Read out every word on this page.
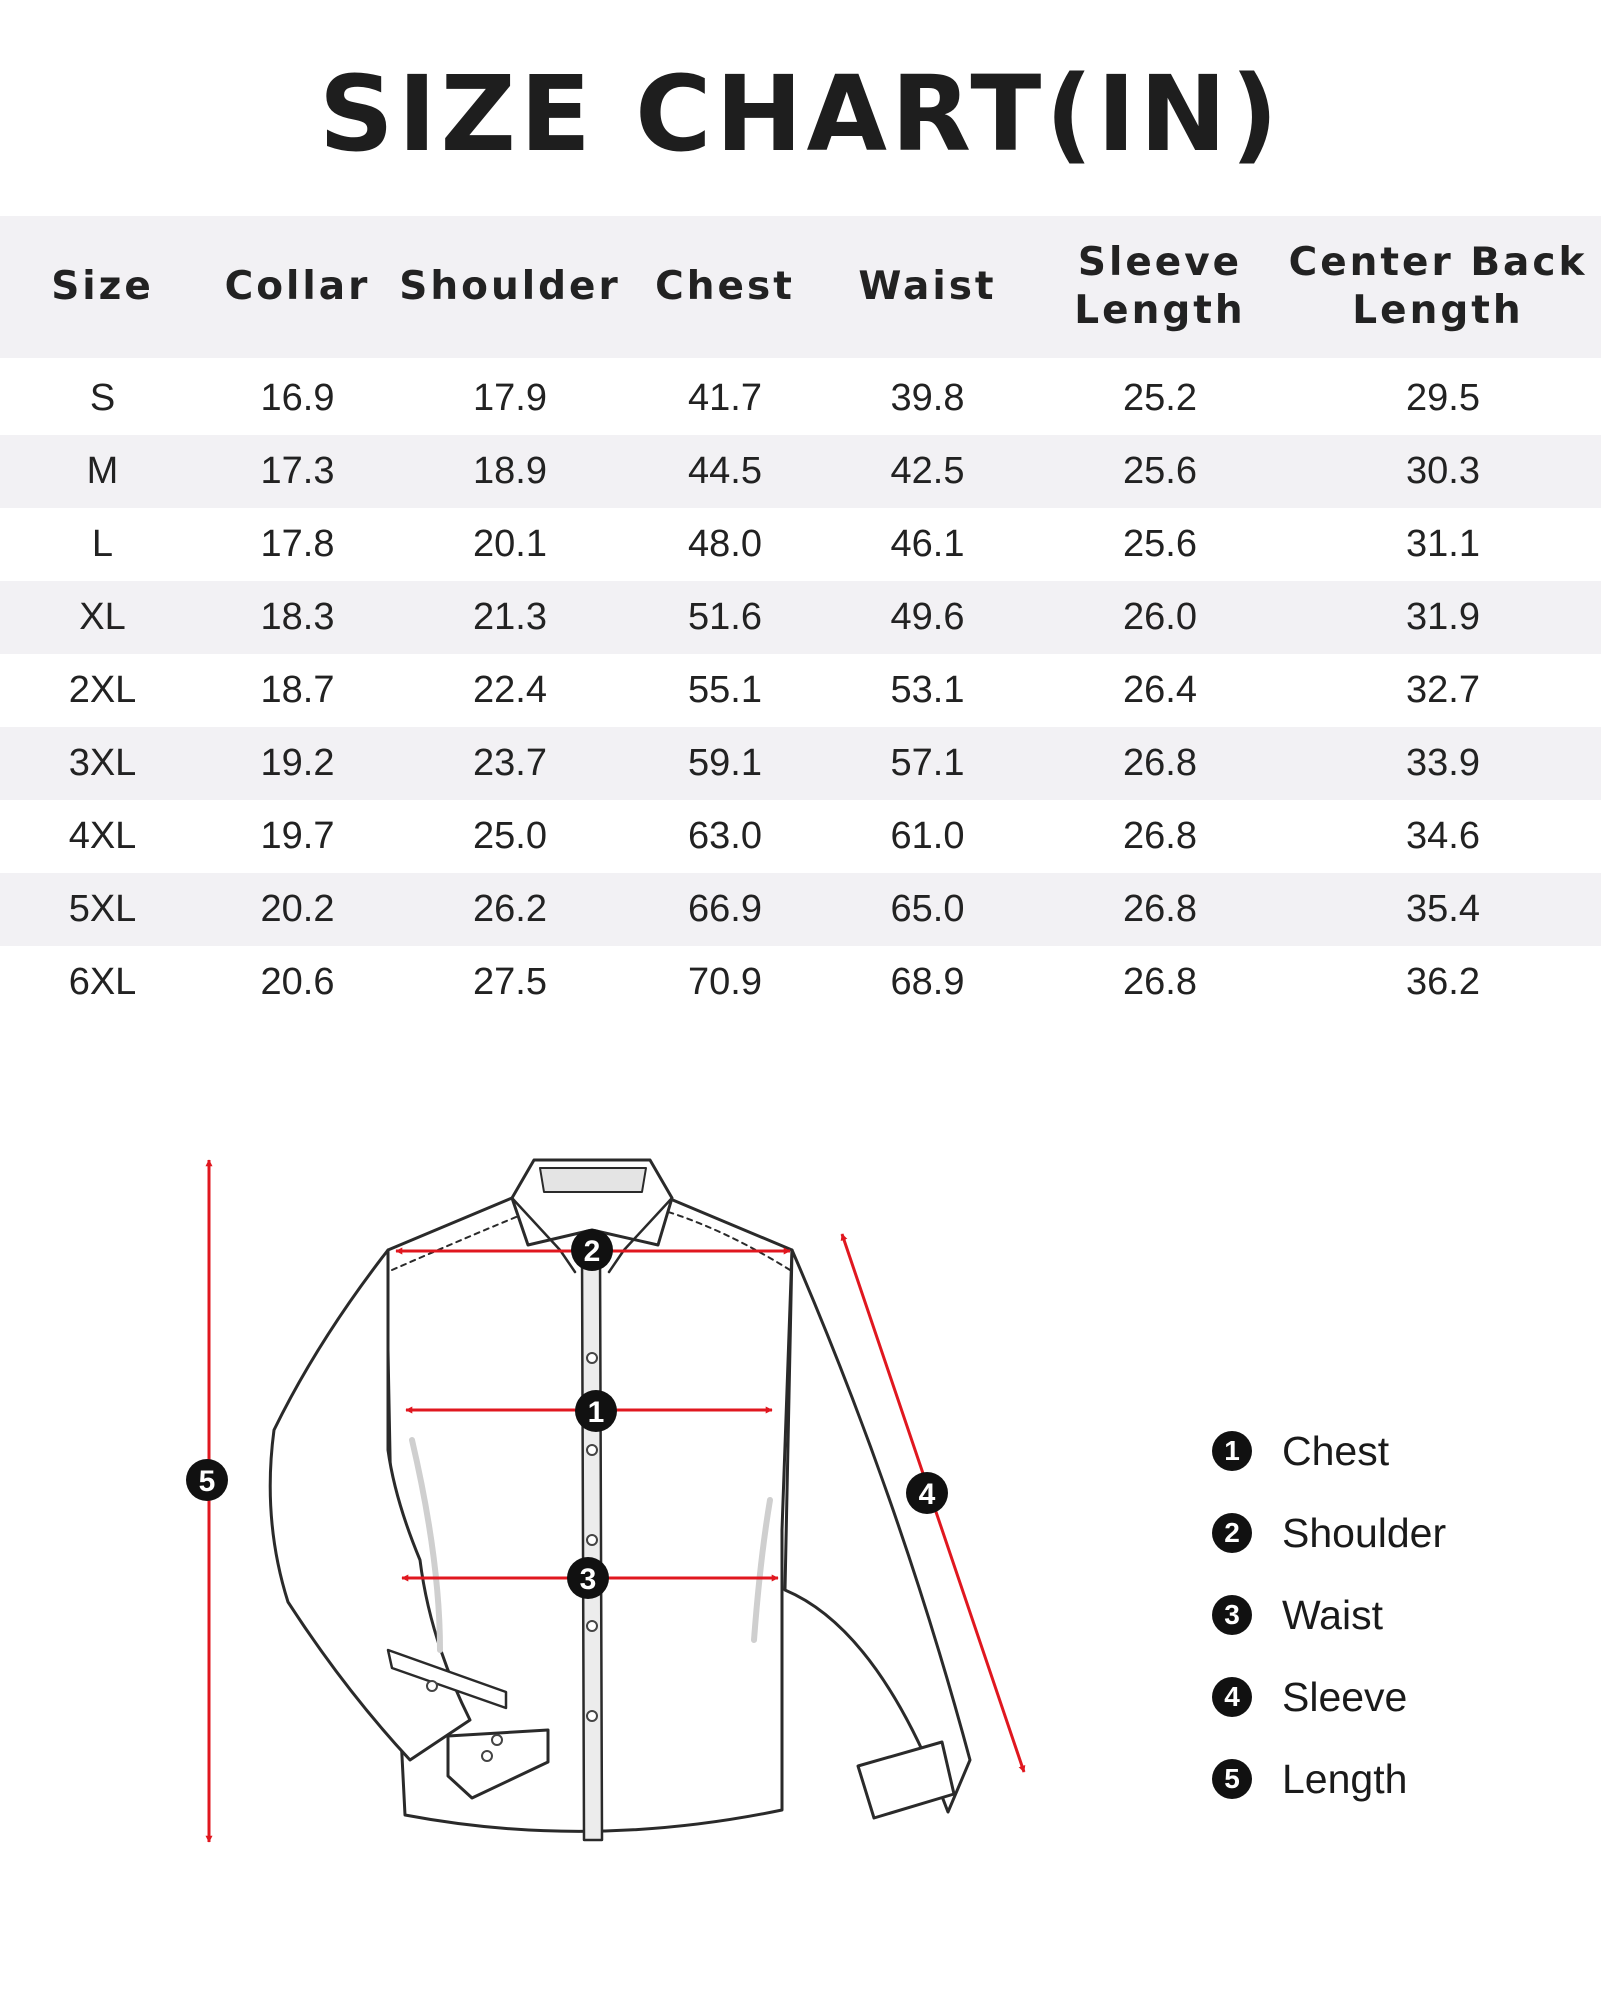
SIZE CHART(IN)
Size	Collar	Shoulder	Chest	Waist	Sleeve Length	Center Back Length
S	16.9	17.9	41.7	39.8	25.2	29.5
M	17.3	18.9	44.5	42.5	25.6	30.3
L	17.8	20.1	48.0	46.1	25.6	31.1
XL	18.3	21.3	51.6	49.6	26.0	31.9
2XL	18.7	22.4	55.1	53.1	26.4	32.7
3XL	19.2	23.7	59.1	57.1	26.8	33.9
4XL	19.7	25.0	63.0	61.0	26.8	34.6
5XL	20.2	26.2	66.9	65.0	26.8	35.4
6XL	20.6	27.5	70.9	68.9	26.8	36.2
2
1
3
4
5
1 Chest
2 Shoulder
3 Waist
4 Sleeve
5 Length
